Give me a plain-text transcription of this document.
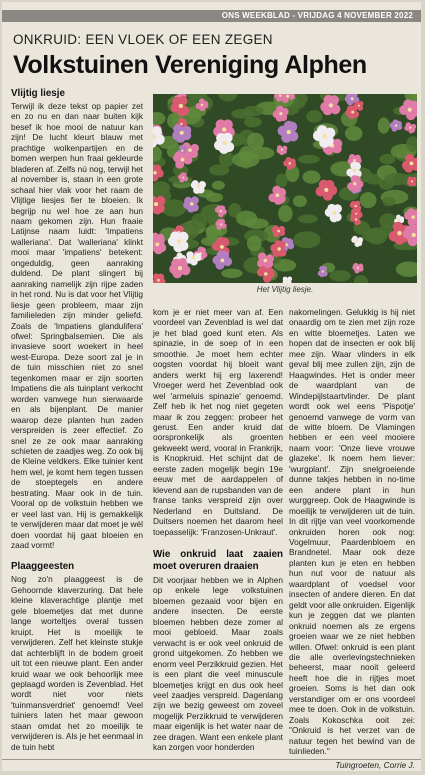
ONS WEEKBLAD - VRIJDAG 4 NOVEMBER 2022
ONKRUID: EEN VLOEK OF EEN ZEGEN
Volkstuinen Vereniging Alphen
Vlijtig liesje

Terwijl ik deze tekst op papier zet en zo nu en dan naar buiten kijk besef ik hoe mooi de natuur kan zijn! De lucht kleurt blauw met prachtige wolkenpartijen en de bomen werpen hun fraai gekleurde bladeren af. Zelfs nú nog, terwijl het al november is, staan in een grote schaal hier vlak voor het raam de Vlijtige liesjes fier te bloeien. Ik begrijp nu wel hoe ze aan hun naam gekomen zijn. Hun fraaie Latijnse naam luidt: 'Impatiens walleriana'. Dat 'walleriana' klinkt mooi maar 'impatiens' betekent: ongeduldig, geen aanraking duldend. De plant slingert bij aanraking namelijk zijn rijpe zaden in het rond. Nu is dat voor het Vlijtig liesje geen probleem, maar zijn familieleden zijn minder geliefd. Zoals de 'Impatiens glandulifera' ofwel: Springbalsemien. Die als invasieve soort woekert in heel west-Europa. Deze soort zal je in de tuin misschien niet zo snel tegenkomen maar er zijn soorten Impatiens die als tuinplant verkocht worden vanwege hun sierwaarde en als bijenplant. De manier waarop deze planten hun zaden verspreiden is zeer effectief. Zo snel ze ze ook maar aanraking schieten de zaadjes weg. Zo ook bij de Kleine veldkers. Elke tuinier kent hem wel, je komt hem tegen tussen de stoeptegels en andere bestrating. Maar ook in de tuin. Vooral op de volkstuin hebben we er veel last van. Hij is gemakkelijk te verwijderen maar dat moet je wél doen voordat hij gaat bloeien en zaad vormt!

Plaaggeesten

Nog zo'n plaaggeest is de Gehoornde klaverzuring. Dat hele kleine klaverachtige plantje met gele bloemetjes dat met dunne lange worteltjes overal tussen kruipt. Het is moeilijk te verwijderen. Zelf het kleinste stukje dat achterblijft in de bodem groeit uit tot een nieuwe plant. Een ander kruid waar we ook behoorlijk mee geplaagd worden is Zevenblad. Het wordt niet voor niets 'tuinmansverdriet' genoemd! Veel tuiniers laten het maar gewoon staan omdat het zo moeilijk te verwijderen is. Als je het eenmaal in de tuin hebt

Het Vlijtig liesje.

kom je er niet meer van af. Een voordeel van Zevenblad is wel dat je het blad goed kunt eten. Als spinazie, in de soep of in een smoothie. Je moet hem echter oogsten voordat hij bloeit want anders werkt hij erg laxerend! Vroeger werd het Zevenblad ook wel 'armeluis spinazie' genoemd. Zelf heb ik het nog niet gegeten maar ik zou zeggen: probeer het gerust. Een ander kruid dat oorspronkelijk als groenten gekweekt werd, vooral in Frankrijk, is Knopkruid. Het schijnt dat de eerste zaden mogelijk begin 19e eeuw met de aardappelen of klevend aan de rupsbanden van de franse tanks verspreid zijn over Nederland en Duitsland. De Duitsers noemen het daarom heel toepasselijk: 'Franzosen-Unkraut'.

Wie onkruid laat zaaien moet overuren draaien

Dit voorjaar hebben we in Alphen op enkele lege volkstuinen bloemen gezaaid voor bijen en andere insecten. De eerste bloemen hebben deze zomer al mooi gebloeid. Maar zoals verwacht is er ook veel onkruid de grond uitgekomen. Zo hebben we enorm veel Perzikkruid gezien. Het is een plant die veel minuscule bloemetjes krijgt en dus ook heel veel zaadjes verspreid. Dagenlang zijn we bezig geweest om zoveel mogelijk Perzikkruid te verwijderen maar eigenlijk is het water naar de zee dragen. Want een enkele plant kan zorgen voor honderden

nakomelingen. Gelukkig is hij niet onaardig om te zien met zijn roze en witte bloemetjes. Laten we hopen dat de insecten er ook blij mee zijn. Waar vlinders in elk geval blij mee zullen zijn, zijn de Haagwindes. Het is onder meer de waardplant van de Windepijlstaartvlinder. De plant wordt ook wel eens 'Pispotje' genoemd vanwege de vorm van de witte bloem. De Vlamingen hebben er een veel mooiere naam voor: 'Onze lieve vrouwe glazeke'. Ik noem hem liever: 'wurgplant'. Zijn snelgroeiende dunne takjes hebben in no-time een andere plant in hun wurggreep. Ook de Haagwinde is moeilijk te verwijderen uit de tuin. In dit rijtje van veel voorkomende onkruiden horen ook nog: Vogelmuur, Paardenbloem en Brandnetel. Maar ook deze planten kun je eten en hebben hun nut voor de natuur als waardplant of voedsel voor insecten of andere dieren. En dat geldt voor alle onkruiden. Eigenlijk kun je zeggen dat we planten onkruid noemen als ze ergens groeien waar we ze niet hebben willen. Ofwel: onkruid is een plant die alle overlevingstechnieken beheerst, maar nooit geleerd heeft hoe die in rijtjes moet groeien. Soms is het dan ook verstandiger om er ons voordeel mee te doen. Ook in de volkstuin. Zoals Kokoschka ooit zei: "Onkruid is het verzet van de natuur tegen het bewind van de tuinlieden."

Tuingroeten, Corrie J.
